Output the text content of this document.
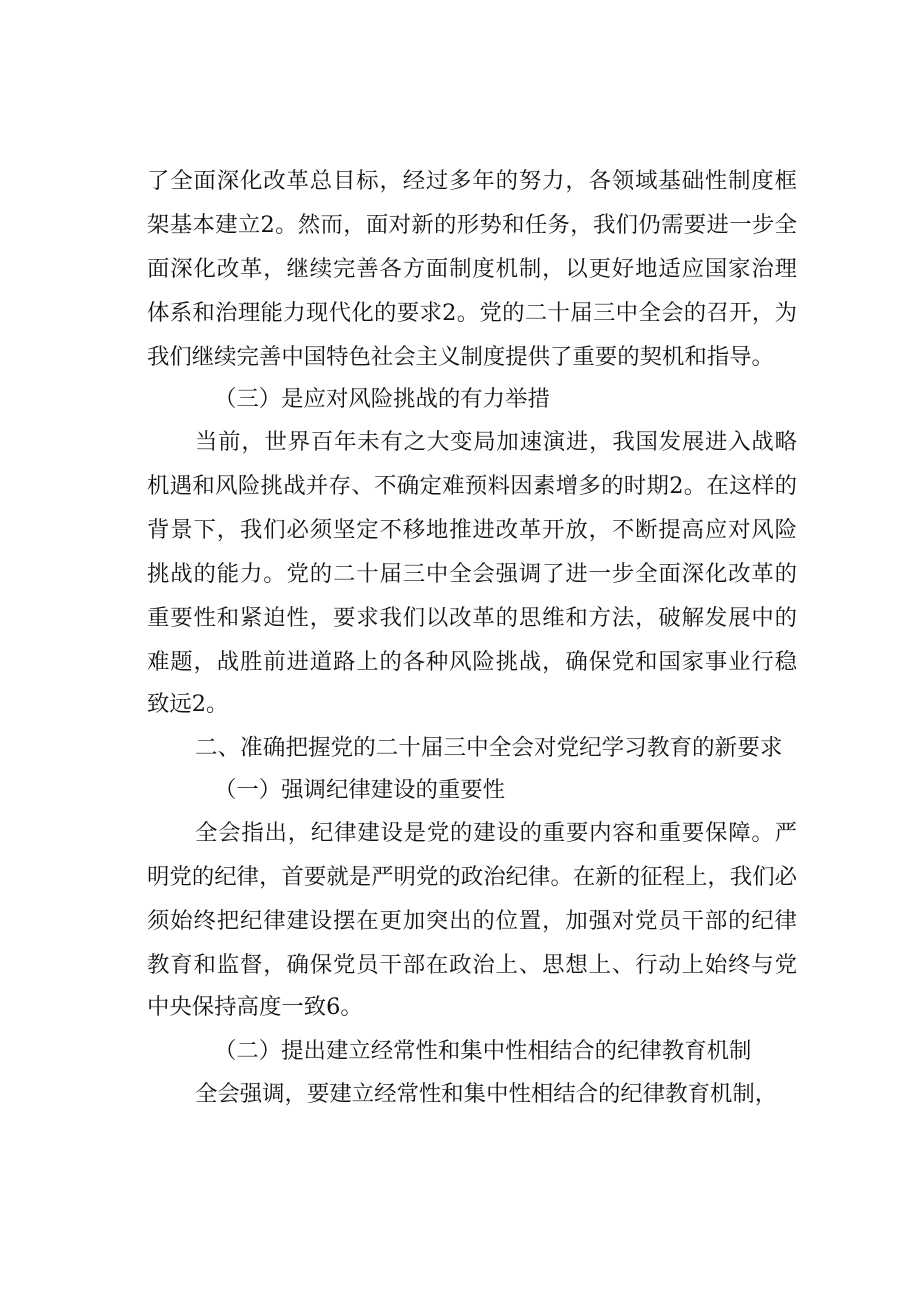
了全面深化改革总目标，经过多年的努力，各领域基础性制度框
架基本建立2。然而，面对新的形势和任务，我们仍需要进一步全
面深化改革，继续完善各方面制度机制，以更好地适应国家治理
体系和治理能力现代化的要求2。党的二十届三中全会的召开，为
我们继续完善中国特色社会主义制度提供了重要的契机和指导。
（三）是应对风险挑战的有力举措
当前，世界百年未有之大变局加速演进，我国发展进入战略
机遇和风险挑战并存、不确定难预料因素增多的时期2。在这样的
背景下，我们必须坚定不移地推进改革开放，不断提高应对风险
挑战的能力。党的二十届三中全会强调了进一步全面深化改革的
重要性和紧迫性，要求我们以改革的思维和方法，破解发展中的
难题，战胜前进道路上的各种风险挑战，确保党和国家事业行稳
致远2。
二、准确把握党的二十届三中全会对党纪学习教育的新要求
（一）强调纪律建设的重要性
全会指出，纪律建设是党的建设的重要内容和重要保障。严
明党的纪律，首要就是严明党的政治纪律。在新的征程上，我们必
须始终把纪律建设摆在更加突出的位置，加强对党员干部的纪律
教育和监督，确保党员干部在政治上、思想上、行动上始终与党
中央保持高度一致6。
（二）提出建立经常性和集中性相结合的纪律教育机制
全会强调，要建立经常性和集中性相结合的纪律教育机制，
